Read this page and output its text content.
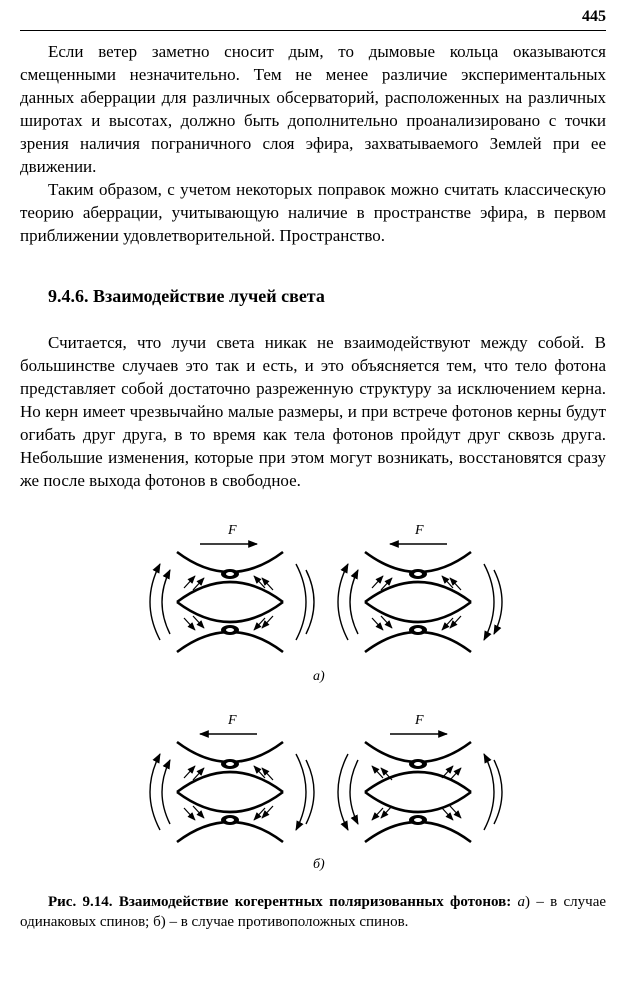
445

Если ветер заметно сносит дым, то дымовые кольца оказываются смещенными незначительно. Тем не менее различие экспериментальных данных аберрации для различных обсерваторий, расположенных на различных широтах и высотах, должно быть дополнительно проанализировано с точки зрения наличия пограничного слоя эфира, захватываемого Землей при ее движении.

Таким образом, с учетом некоторых поправок можно считать классическую теорию аберрации, учитывающую наличие в пространстве эфира, в первом приближении удовлетворительной. Пространство.

9.4.6. Взаимодействие лучей света

Считается, что лучи света никак не взаимодействуют между собой. В большинстве случаев это так и есть, и это объясняется тем, что тело фотона представляет собой достаточно разреженную структуру за исключением керна. Но керн имеет чрезвычайно малые размеры, и при встрече фотонов керны будут огибать друг друга, в то время как тела фотонов пройдут друг сквозь друга. Небольшие изменения, которые при этом могут возникать, восстановятся сразу же после выхода фотонов в свободное.

F	F
а)
F	F
б)

Рис. 9.14. Взаимодействие когерентных поляризованных фотонов: а) – в случае одинаковых спинов; б) – в случае противоположных спинов.
